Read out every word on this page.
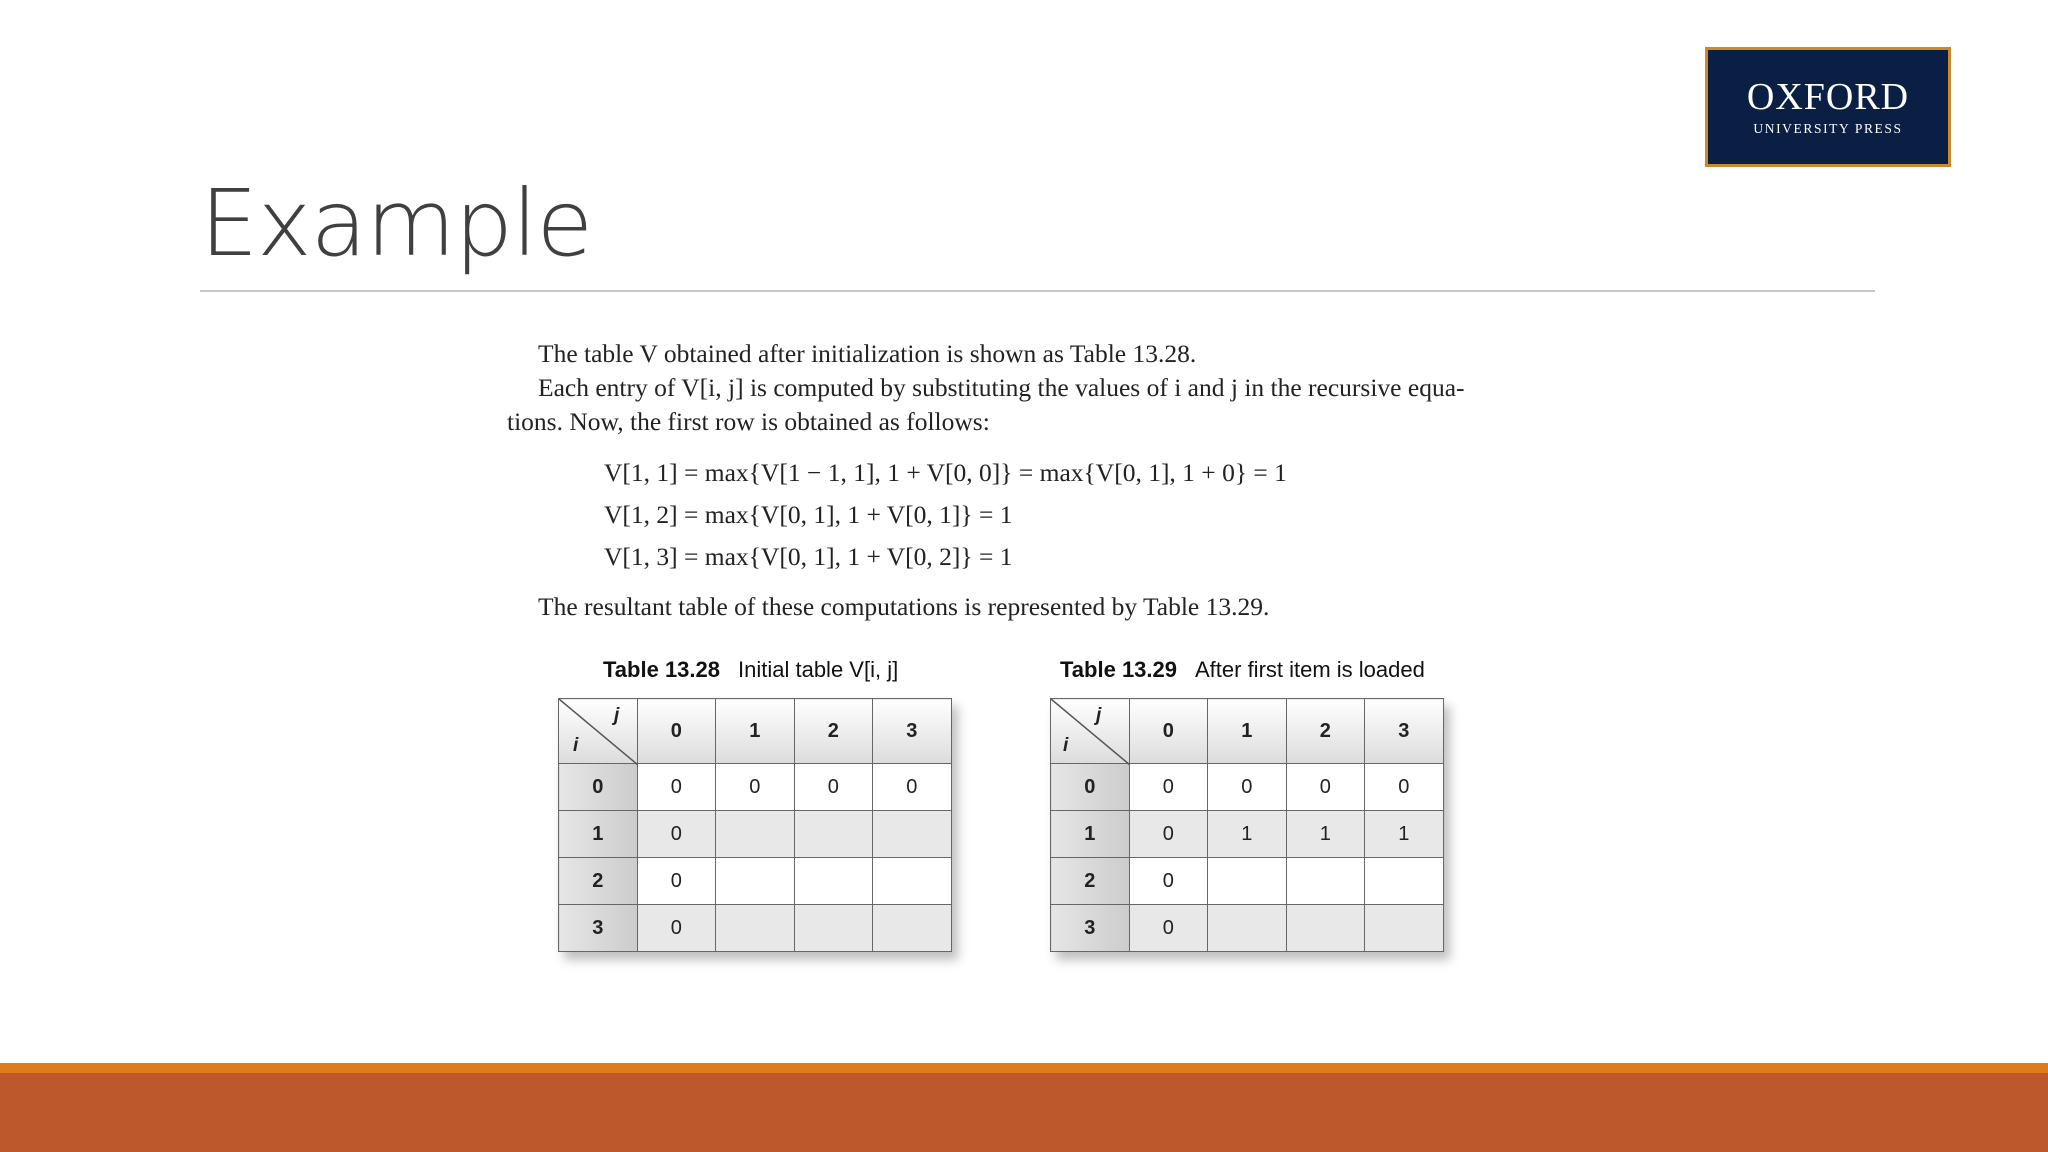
OXFORD
UNIVERSITY PRESS
Example
The table V obtained after initialization is shown as Table 13.28.
Each entry of V[i, j] is computed by substituting the values of i and j in the recursive equa-
tions. Now, the first row is obtained as follows:
V[1, 1] = max{V[1 − 1, 1], 1 + V[0, 0]} = max{V[0, 1], 1 + 0} = 1
V[1, 2] = max{V[0, 1], 1 + V[0, 1]} = 1
V[1, 3] = max{V[0, 1], 1 + V[0, 2]} = 1
The resultant table of these computations is represented by Table 13.29.
Table 13.28 Initial table V[i, j]
j
i	0	1	2	3
0	0	0	0	0
1	0			
2	0			
3	0			
Table 13.29 After first item is loaded
j
i	0	1	2	3
0	0	0	0	0
1	0	1	1	1
2	0			
3	0			
